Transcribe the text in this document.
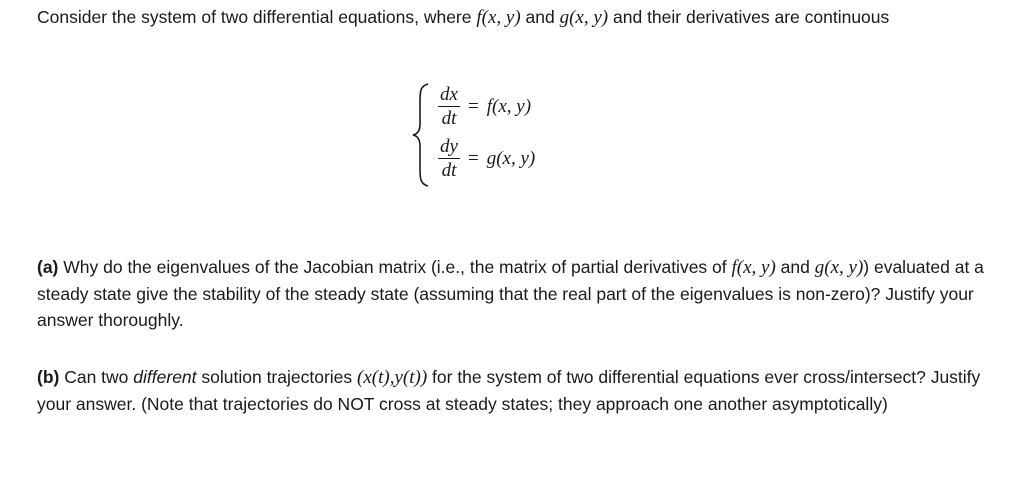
Consider the system of two differential equations, where f(x, y) and g(x, y) and their derivatives are continuous

$\frac{dx}{dt} = f(x$, y)
$\frac{dy}{dt} = g(x$, y)

(a) Why do the eigenvalues of the Jacobian matrix (i.e., the matrix of partial derivatives of f(x, y) and g(x, y)) evaluated at a steady state give the stability of the steady state (assuming that the real part of the eigenvalues is non-zero)? Justify your answer thoroughly.

(b) Can two different solution trajectories (x(t),y(t)) for the system of two differential equations ever cross/intersect? Justify your answer. (Note that trajectories do NOT cross at steady states; they approach one another asymptotically)
